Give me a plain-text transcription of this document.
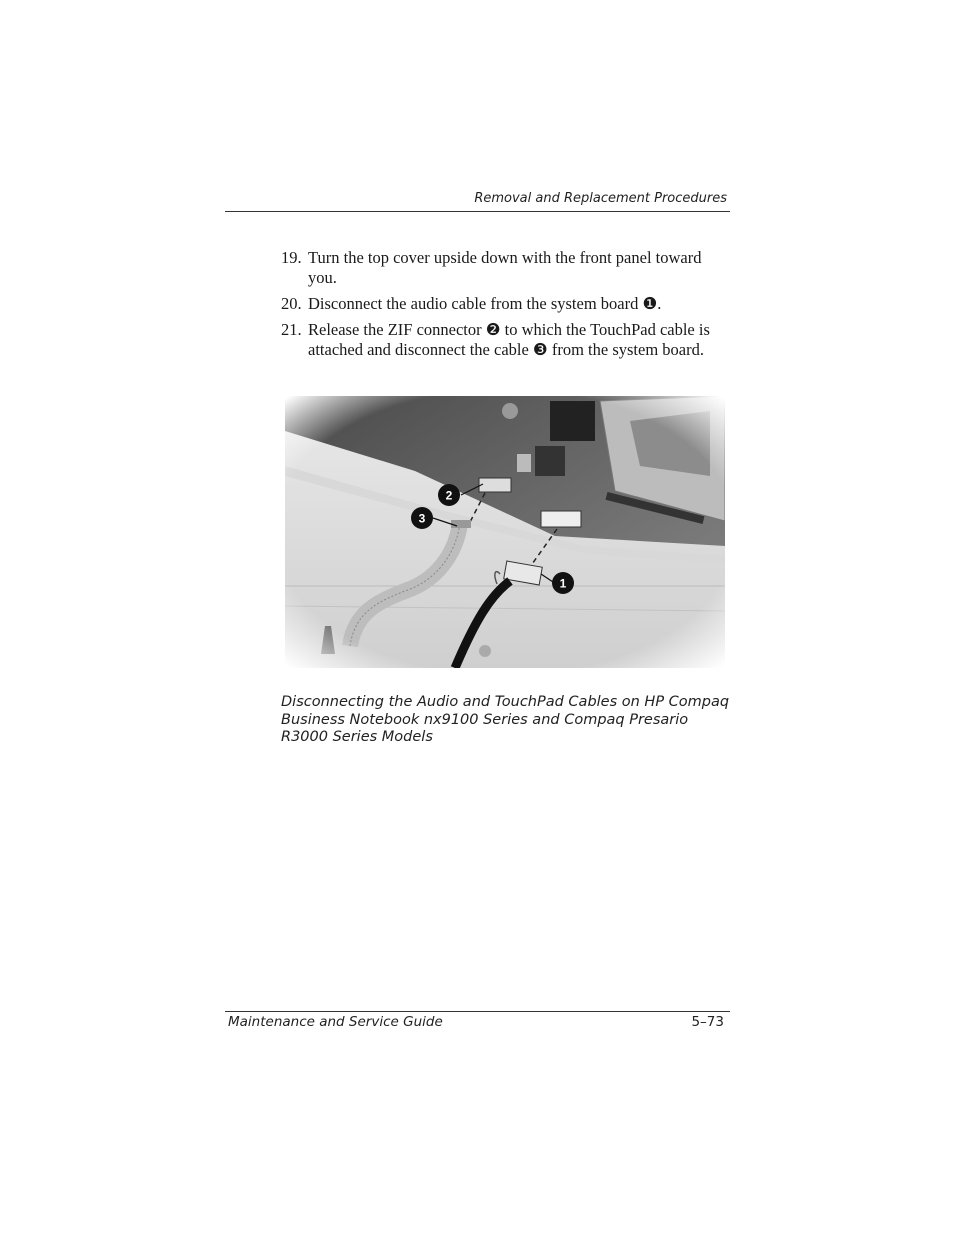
Removal and Replacement Procedures
19. Turn the top cover upside down with the front panel toward you.
20. Disconnect the audio cable from the system board ❶.
21. Release the ZIF connector ❷ to which the TouchPad cable is attached and disconnect the cable ❸ from the system board.
2
3
1
Disconnecting the Audio and TouchPad Cables on HP Compaq Business Notebook nx9100 Series and Compaq Presario R3000 Series Models
Maintenance and Service Guide	5–73
